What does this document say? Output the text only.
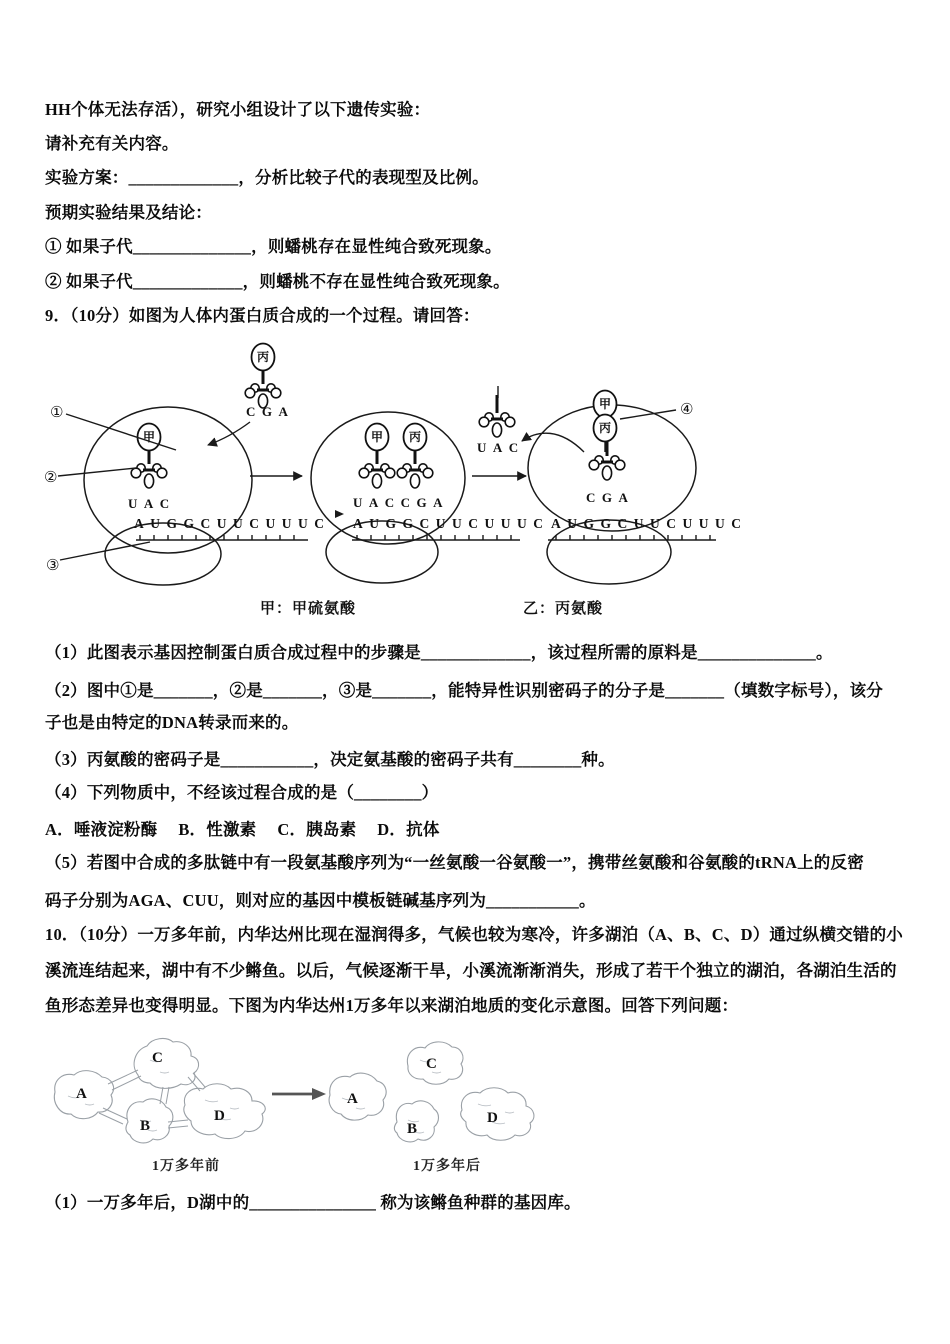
HH个体无法存活），研究小组设计了以下遗传实验：

请补充有关内容。

实验方案：_____________，分析比较子代的表现型及比例。

预期实验结果及结论：

① 如果子代______________，则蟠桃存在显性纯合致死现象。

② 如果子代_____________，则蟠桃不存在显性纯合致死现象。

9．（10分）如图为人体内蛋白质合成的一个过程。请回答：

甲
UAC
AUGGCUUCUUUC
丙
CGA
①
②
③
甲 丙
UACCGA
AUGGCUUCUUUC
UAC
甲
丙
CGA
AUGGCUUCUUUC
④
甲：甲硫氨酸	乙：丙氨酸

（1）此图表示基因控制蛋白质合成过程中的步骤是_____________，该过程所需的原料是______________。

（2）图中①是_______，②是_______，③是_______，能特异性识别密码子的分子是_______（填数字标号），该分

子也是由特定的DNA转录而来的。

（3）丙氨酸的密码子是___________，决定氨基酸的密码子共有________种。

（4）下列物质中，不经该过程合成的是（________）

A．唾液淀粉酶　 B．性激素　 C．胰岛素　 D．抗体

（5）若图中合成的多肽链中有一段氨基酸序列为“一丝氨酸一谷氨酸一”，携带丝氨酸和谷氨酸的tRNA上的反密

码子分别为AGA、CUU，则对应的基因中模板链碱基序列为___________。

10．（10分）一万多年前，内华达州比现在湿润得多，气候也较为寒冷，许多湖泊（A、B、C、D）通过纵横交错的小

溪流连结起来，湖中有不少鳉鱼。以后，气候逐渐干旱，小溪流渐渐消失，形成了若干个独立的湖泊，各湖泊生活的

鱼形态差异也变得明显。下图为内华达州1万多年以来湖泊地质的变化示意图。回答下列问题：

A
C
B
D
1万多年前
A
C
B
D
1万多年后

（1）一万多年后，D湖中的_______________ 称为该鳉鱼种群的基因库。
